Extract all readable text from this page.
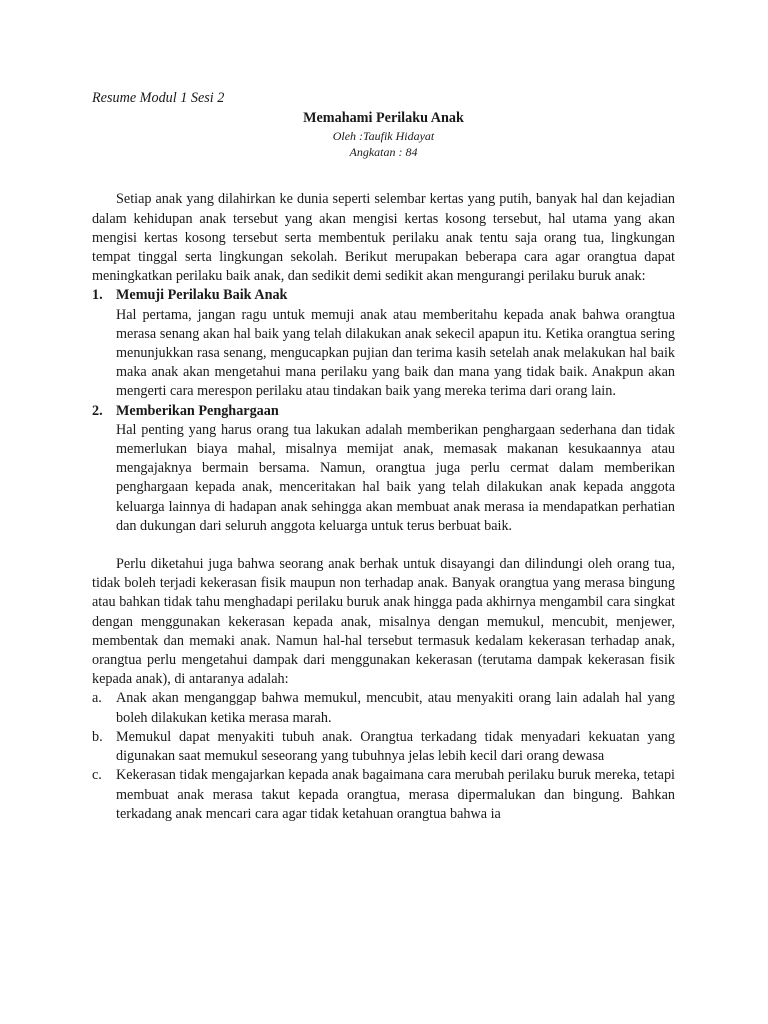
Resume Modul 1 Sesi 2

Memahami Perilaku Anak

Oleh :Taufik Hidayat

Angkatan : 84

Setiap anak yang dilahirkan ke dunia seperti selembar kertas yang putih, banyak hal dan kejadian dalam kehidupan anak tersebut yang akan mengisi kertas kosong tersebut, hal utama yang akan mengisi kertas kosong tersebut serta membentuk perilaku anak tentu saja orang tua, lingkungan tempat tinggal serta lingkungan sekolah. Berikut merupakan beberapa cara agar orangtua dapat meningkatkan perilaku baik anak, dan sedikit demi sedikit akan mengurangi perilaku buruk anak:

1. Memuji Perilaku Baik Anak
Hal pertama, jangan ragu untuk memuji anak atau memberitahu kepada anak bahwa orangtua merasa senang akan hal baik yang telah dilakukan anak sekecil apapun itu. Ketika orangtua sering menunjukkan rasa senang, mengucapkan pujian dan terima kasih setelah anak melakukan hal baik maka anak akan mengetahui mana perilaku yang baik dan mana yang tidak baik. Anakpun akan mengerti cara merespon perilaku atau tindakan baik yang mereka terima dari orang lain.
2. Memberikan Penghargaan
Hal penting yang harus orang tua lakukan adalah memberikan penghargaan sederhana dan tidak memerlukan biaya mahal, misalnya memijat anak, memasak makanan kesukaannya atau mengajaknya bermain bersama. Namun, orangtua juga perlu cermat dalam memberikan penghargaan kepada anak, menceritakan hal baik yang telah dilakukan anak kepada anggota keluarga lainnya di hadapan anak sehingga akan membuat anak merasa ia mendapatkan perhatian dan dukungan dari seluruh anggota keluarga untuk terus berbuat baik.

Perlu diketahui juga bahwa seorang anak berhak untuk disayangi dan dilindungi oleh orang tua, tidak boleh terjadi kekerasan fisik maupun non terhadap anak. Banyak orangtua yang merasa bingung atau bahkan tidak tahu menghadapi perilaku buruk anak hingga pada akhirnya mengambil cara singkat dengan menggunakan kekerasan kepada anak, misalnya dengan memukul, mencubit, menjewer, membentak dan memaki anak. Namun hal-hal tersebut termasuk kedalam kekerasan terhadap anak, orangtua perlu mengetahui dampak dari menggunakan kekerasan (terutama dampak kekerasan fisik kepada anak), di antaranya adalah:

a. Anak akan menganggap bahwa memukul, mencubit, atau menyakiti orang lain adalah hal yang boleh dilakukan ketika merasa marah.
b. Memukul dapat menyakiti tubuh anak. Orangtua terkadang tidak menyadari kekuatan yang digunakan saat memukul seseorang yang tubuhnya jelas lebih kecil dari orang dewasa
c. Kekerasan tidak mengajarkan kepada anak bagaimana cara merubah perilaku buruk mereka, tetapi membuat anak merasa takut kepada orangtua, merasa dipermalukan dan bingung. Bahkan terkadang anak mencari cara agar tidak ketahuan orangtua bahwa ia
